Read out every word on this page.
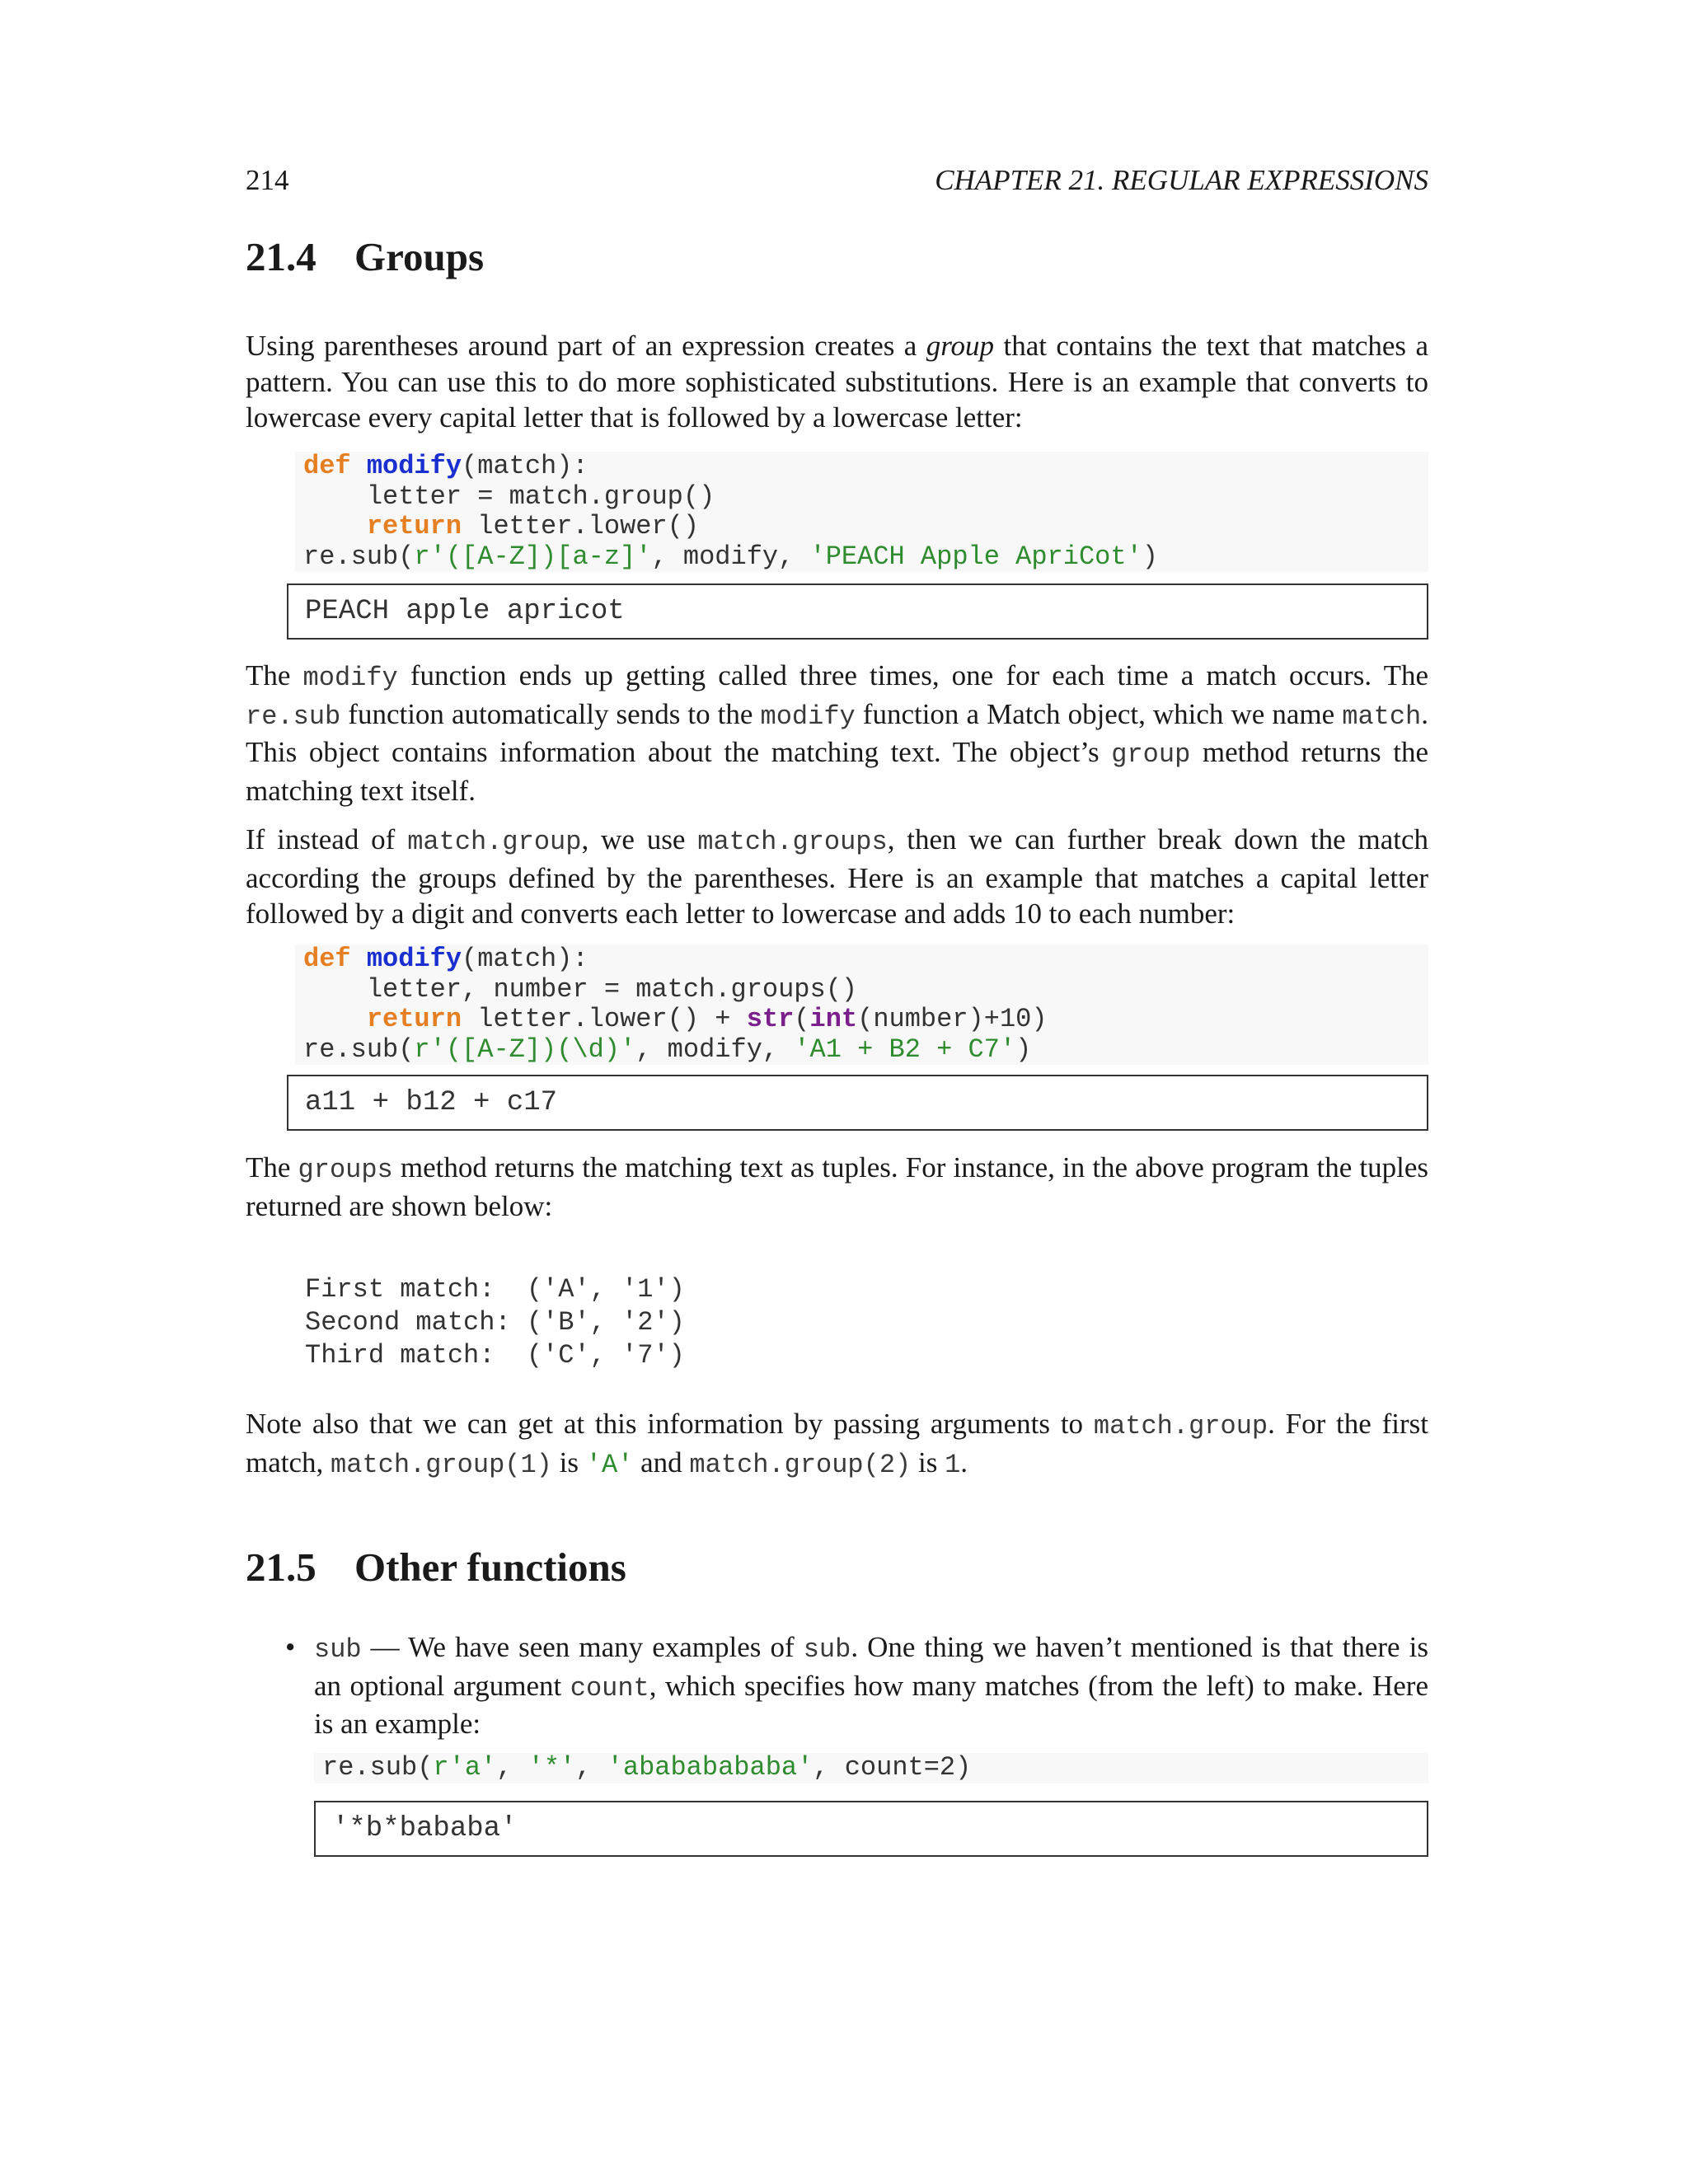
214	CHAPTER 21. REGULAR EXPRESSIONS
21.4 Groups

Using parentheses around part of an expression creates a group that contains the text that matches a pattern. You can use this to do more sophisticated substitutions. Here is an example that converts to lowercase every capital letter that is followed by a lowercase letter:

def modify(match):
letter = match.group()
return letter.lower()
re.sub(r'([A-Z])[a-z]', modify, 'PEACH Apple ApriCot')
PEACH apple apricot

The modify function ends up getting called three times, one for each time a match occurs. The re.sub function automatically sends to the modify function a Match object, which we name match. This object contains information about the matching text. The object’s group method returns the matching text itself.

If instead of match.group, we use match.groups, then we can further break down the match according the groups defined by the parentheses. Here is an example that matches a capital letter followed by a digit and converts each letter to lowercase and adds 10 to each number:

def modify(match):
letter, number = match.groups()
return letter.lower() + str(int(number)+10)
re.sub(r'([A-Z])(\d)', modify, 'A1 + B2 + C7')
a11 + b12 + c17

The groups method returns the matching text as tuples. For instance, in the above program the tuples returned are shown below:

First match:  ('A', '1')
Second match: ('B', '2')
Third match:  ('C', '7')

Note also that we can get at this information by passing arguments to match.group. For the first match, match.group(1) is 'A' and match.group(2) is 1.

21.5 Other functions
• sub — We have seen many examples of sub. One thing we haven’t mentioned is that there is an optional argument count, which specifies how many matches (from the left) to make. Here is an example:

re.sub(r'a', '*', 'abababababa', count=2)
'*b*bababa'
